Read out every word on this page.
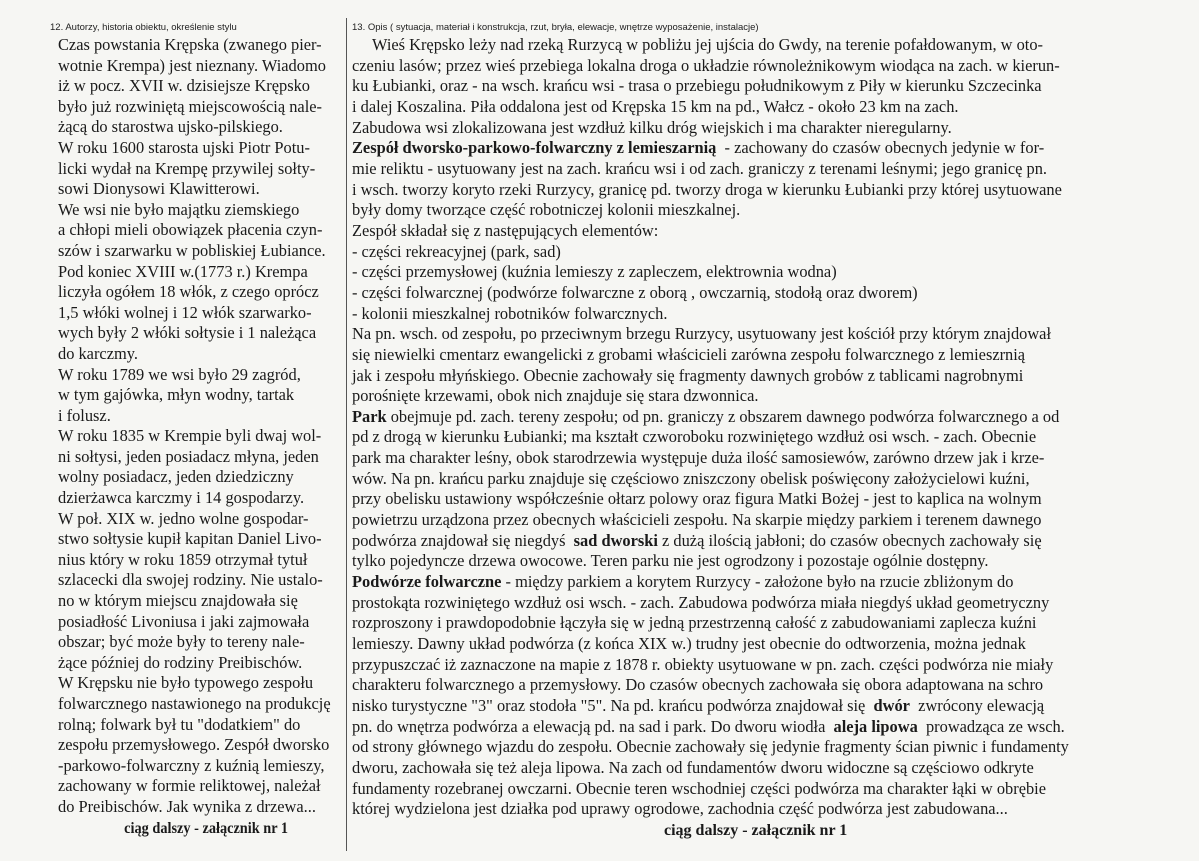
12. Autorzy, historia obiektu, określenie stylu
Czas powstania Krępska (zwanego pier-
wotnie Krempa) jest nieznany. Wiadomo
iż w pocz. XVII w. dzisiejsze Krępsko
było już rozwiniętą miejscowością nale-
żącą do starostwa ujsko-pilskiego.
W roku 1600 starosta ujski Piotr Potu-
licki wydał na Krempę przywilej sołty-
sowi Dionysowi Klawitterowi.
We wsi nie było majątku ziemskiego
a chłopi mieli obowiązek płacenia czyn-
szów i szarwarku w pobliskiej Łubiance.
Pod koniec XVIII w.(1773 r.) Krempa
liczyła ogółem 18 włók, z czego oprócz
1,5 włóki wolnej i 12 włók szarwarko-
wych były 2 włóki sołtysie i 1 należąca
do karczmy.
W roku 1789 we wsi było 29 zagród,
w tym gajówka, młyn wodny, tartak
i folusz.
W roku 1835 w Krempie byli dwaj wol-
ni sołtysi, jeden posiadacz młyna, jeden
wolny posiadacz, jeden dziedziczny
dzierżawca karczmy i 14 gospodarzy.
W poł. XIX w. jedno wolne gospodar-
stwo sołtysie kupił kapitan Daniel Livo-
nius który w roku 1859 otrzymał tytuł
szlacecki dla swojej rodziny. Nie ustalo-
no w którym miejscu znajdowała się
posiadłość Livoniusa i jaki zajmowała
obszar; być może były to tereny nale-
żące później do rodziny Preibischów.
W Krępsku nie było typowego zespołu
folwarcznego nastawionego na produkcję
rolną; folwark był tu "dodatkiem" do
zespołu przemysłowego. Zespół dworsko
-parkowo-folwarczny z kuźnią lemieszy,
zachowany w formie reliktowej, należał
do Preibischów. Jak wynika z drzewa...
ciąg dalszy - załącznik nr 1
13. Opis ( sytuacja, materiał i konstrukcja, rzut, bryła, elewacje, wnętrze wyposażenie, instalacje)
Wieś Krępsko leży nad rzeką Rurzycą w pobliżu jej ujścia do Gwdy, na terenie pofałdowanym, w oto-
czeniu lasów; przez wieś przebiega lokalna droga o układzie równoleżnikowym wiodąca na zach. w kierun-
ku Łubianki, oraz - na wsch. krańcu wsi - trasa o przebiegu południkowym z Piły w kierunku Szczecinka
i dalej Koszalina. Piła oddalona jest od Krępska 15 km na pd., Wałcz - około 23 km na zach.
Zabudowa wsi zlokalizowana jest wzdłuż kilku dróg wiejskich i ma charakter nieregularny.
Zespół dworsko-parkowo-folwarczny z lemieszarnią  - zachowany do czasów obecnych jedynie w for-
mie reliktu - usytuowany jest na zach. krańcu wsi i od zach. graniczy z terenami leśnymi; jego granicę pn.
i wsch. tworzy koryto rzeki Rurzycy, granicę pd. tworzy droga w kierunku Łubianki przy której usytuowane
były domy tworzące część robotniczej kolonii mieszkalnej.
Zespół składał się z następujących elementów:
- części rekreacyjnej (park, sad)
- części przemysłowej (kuźnia lemieszy z zapleczem, elektrownia wodna)
- części folwarcznej (podwórze folwarczne z oborą , owczarnią, stodołą oraz dworem)
- kolonii mieszkalnej robotników folwarcznych.
Na pn. wsch. od zespołu, po przeciwnym brzegu Rurzycy, usytuowany jest kościół przy którym znajdował
się niewielki cmentarz ewangelicki z grobami właścicieli zarówna zespołu folwarcznego z lemieszrnią
jak i zespołu młyńskiego. Obecnie zachowały się fragmenty dawnych grobów z tablicami nagrobnymi
porośnięte krzewami, obok nich znajduje się stara dzwonnica.
Park obejmuje pd. zach. tereny zespołu; od pn. graniczy z obszarem dawnego podwórza folwarcznego a od
pd z drogą w kierunku Łubianki; ma kształt czworoboku rozwiniętego wzdłuż osi wsch. - zach. Obecnie
park ma charakter leśny, obok starodrzewia występuje duża ilość samosiewów, zarówno drzew jak i krze-
wów. Na pn. krańcu parku znajduje się częściowo zniszczony obelisk poświęcony założycielowi kuźni,
przy obelisku ustawiony współcześnie ołtarz polowy oraz figura Matki Bożej - jest to kaplica na wolnym
powietrzu urządzona przez obecnych właścicieli zespołu. Na skarpie między parkiem i terenem dawnego
podwórza znajdował się niegdyś  sad dworski z dużą ilością jabłoni; do czasów obecnych zachowały się
tylko pojedyncze drzewa owocowe. Teren parku nie jest ogrodzony i pozostaje ogólnie dostępny.
Podwórze folwarczne - między parkiem a korytem Rurzycy - założone było na rzucie zbliżonym do
prostokąta rozwiniętego wzdłuż osi wsch. - zach. Zabudowa podwórza miała niegdyś układ geometryczny
rozproszony i prawdopodobnie łączyła się w jedną przestrzenną całość z zabudowaniami zaplecza kuźni
lemieszy. Dawny układ podwórza (z końca XIX w.) trudny jest obecnie do odtworzenia, można jednak
przypuszczać iż zaznaczone na mapie z 1878 r. obiekty usytuowane w pn. zach. części podwórza nie miały
charakteru folwarcznego a przemysłowy. Do czasów obecnych zachowała się obora adaptowana na schro
nisko turystyczne "3" oraz stodoła "5". Na pd. krańcu podwórza znajdował się  dwór  zwrócony elewacją
pn. do wnętrza podwórza a elewacją pd. na sad i park. Do dworu wiodła  aleja lipowa  prowadząca ze wsch.
od strony głównego wjazdu do zespołu. Obecnie zachowały się jedynie fragmenty ścian piwnic i fundamenty
dworu, zachowała się też aleja lipowa. Na zach od fundamentów dworu widoczne są częściowo odkryte
fundamenty rozebranej owczarni. Obecnie teren wschodniej części podwórza ma charakter łąki w obrębie
której wydzielona jest działka pod uprawy ogrodowe, zachodnia część podwórza jest zabudowana...
ciąg dalszy - załącznik nr 1
